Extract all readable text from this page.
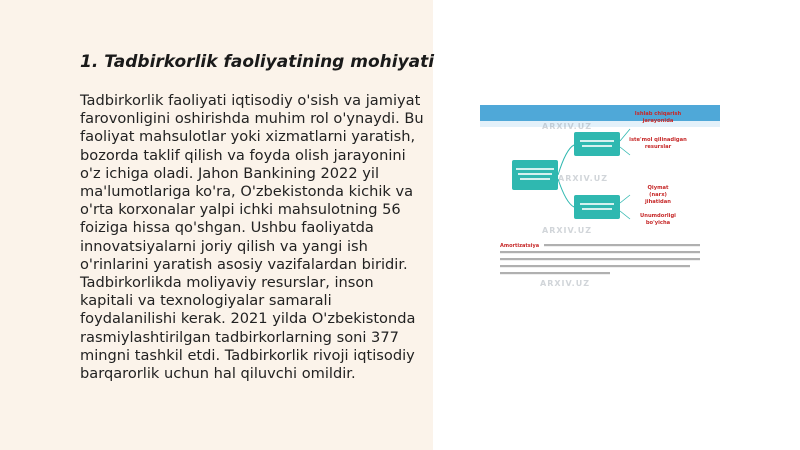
1. Tadbirkorlik faoliyatining mohiyati
Tadbirkorlik faoliyati iqtisodiy o'sish va jamiyat farovonligini oshirishda muhim rol o'ynaydi. Bu faoliyat mahsulotlar yoki xizmatlarni yaratish, bozorda taklif qilish va foyda olish jarayonini o'z ichiga oladi. Jahon Bankining 2022 yil ma'lumotlariga ko'ra, O'zbekistonda kichik va o'rta korxonalar yalpi ichki mahsulotning 56 foiziga hissa qo'shgan. Ushbu faoliyatda innovatsiyalarni joriy qilish va yangi ish o'rinlarini yaratish asosiy vazifalardan biridir. Tadbirkorlikda moliyaviy resurslar, inson kapitali va texnologiyalar samarali foydalanilishi kerak. 2021 yilda O'zbekistonda rasmiylashtirilgan tadbirkorlarning soni 377 mingni tashkil etdi. Tadbirkorlik rivoji iqtisodiy barqarorlik uchun hal qiluvchi omildir.
ARXIV.UZ
ARXIV.UZ
ARXIV.UZ
ARXIV.UZ
Ishlab chiqarish
jarayonida
iste'mol qilinadigan
resurslar
Qiymat
(narx)
jihatidan
Unumdorligi
bo'yicha
Amortizatsiya
